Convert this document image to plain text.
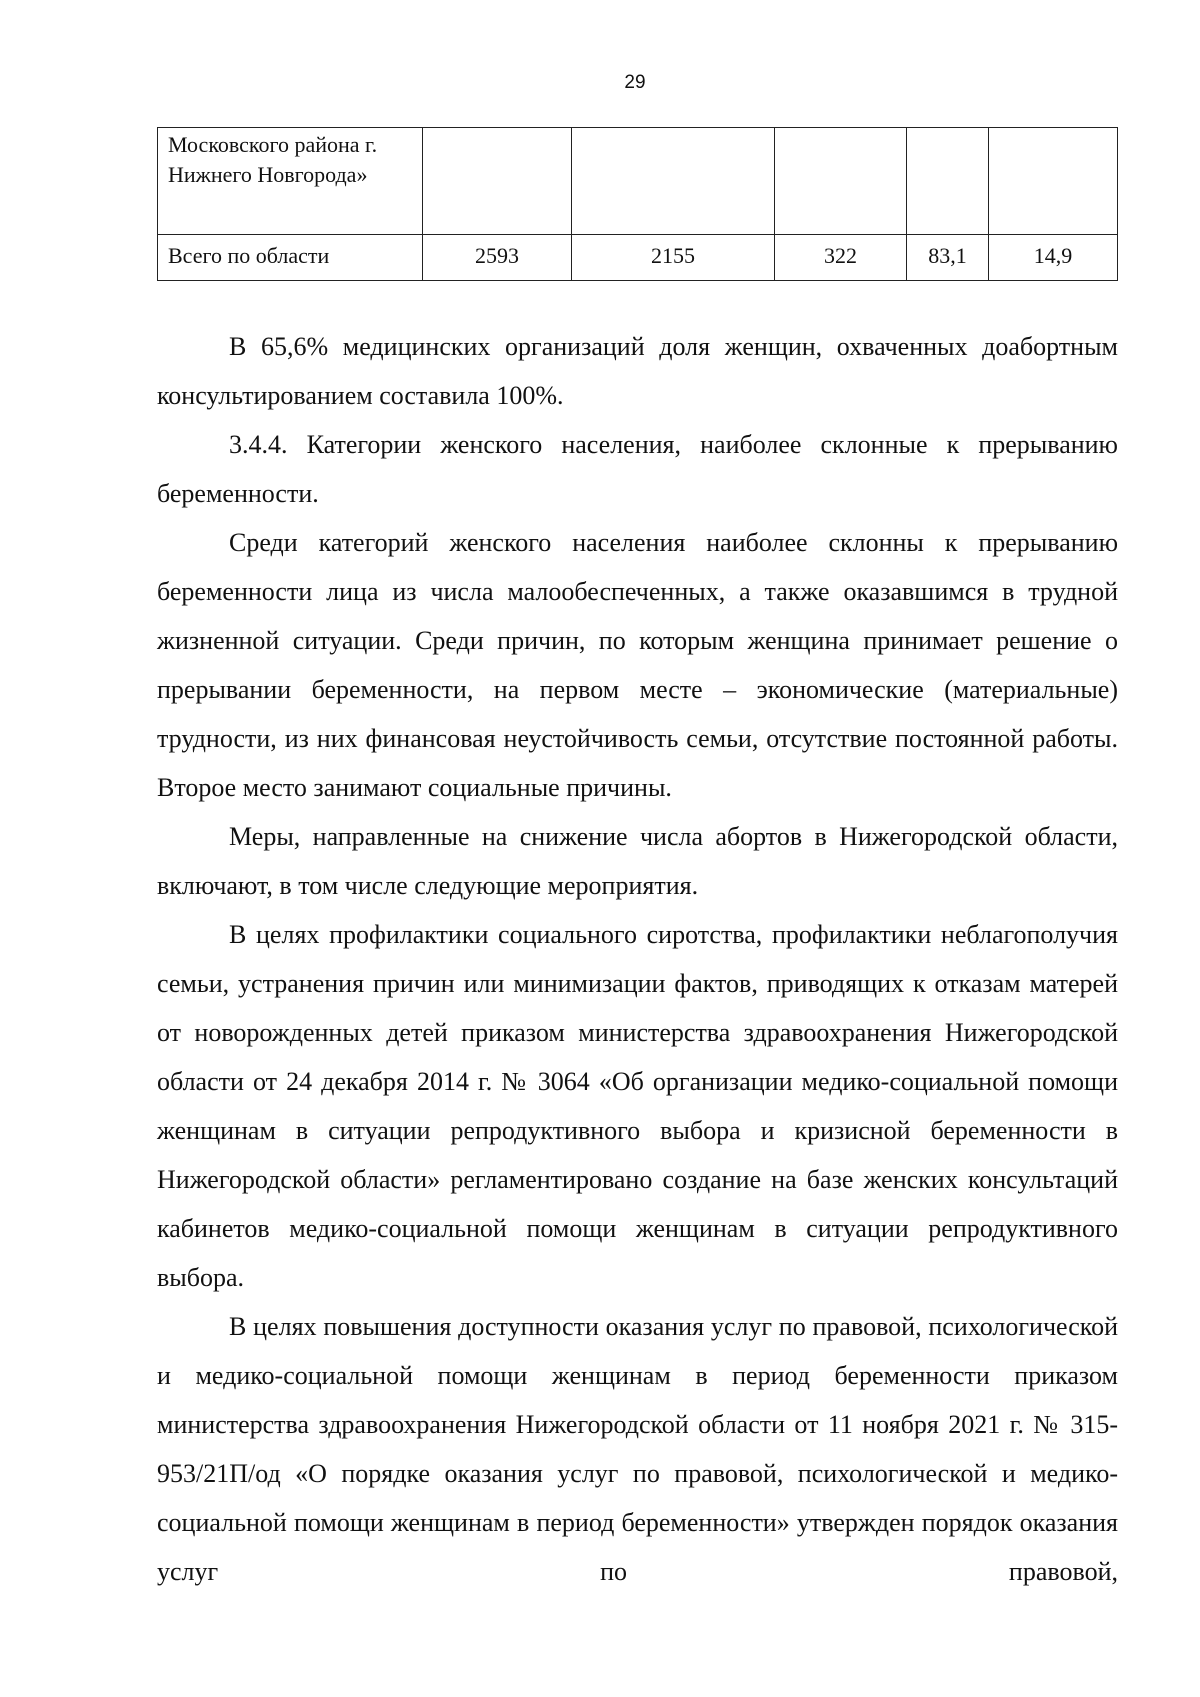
29
Московского района г. Нижнего Новгорода»					
Всего по области	2593	2155	322	83,1	14,9

В 65,6% медицинских организаций доля женщин, охваченных доабортным консультированием составила 100%.

3.4.4. Категории женского населения, наиболее склонные к прерыванию беременности.

Среди категорий женского населения наиболее склонны к прерыванию беременности лица из числа малообеспеченных, а также оказавшимся в трудной жизненной ситуации. Среди причин, по которым женщина принимает решение о прерывании беременности, на первом месте – экономические (материальные) трудности, из них финансовая неустойчивость семьи, отсутствие постоянной работы. Второе место занимают социальные причины.

Меры, направленные на снижение числа абортов в Нижегородской области, включают, в том числе следующие мероприятия.

В целях профилактики социального сиротства, профилактики неблагополучия семьи, устранения причин или минимизации фактов, приводящих к отказам матерей от новорожденных детей приказом министерства здравоохранения Нижегородской области от 24 декабря 2014 г. № 3064 «Об организации медико-социальной помощи женщинам в ситуации репродуктивного выбора и кризисной беременности в Нижегородской области» регламентировано создание на базе женских консультаций кабинетов медико-социальной помощи женщинам в ситуации репродуктивного выбора.

В целях повышения доступности оказания услуг по правовой, психологической и медико-социальной помощи женщинам в период беременности приказом министерства здравоохранения Нижегородской области от 11 ноября 2021 г. № 315-953/21П/од «О порядке оказания услуг по правовой, психологической и медико-социальной помощи женщинам в период беременности» утвержден порядок оказания услуг по правовой,
